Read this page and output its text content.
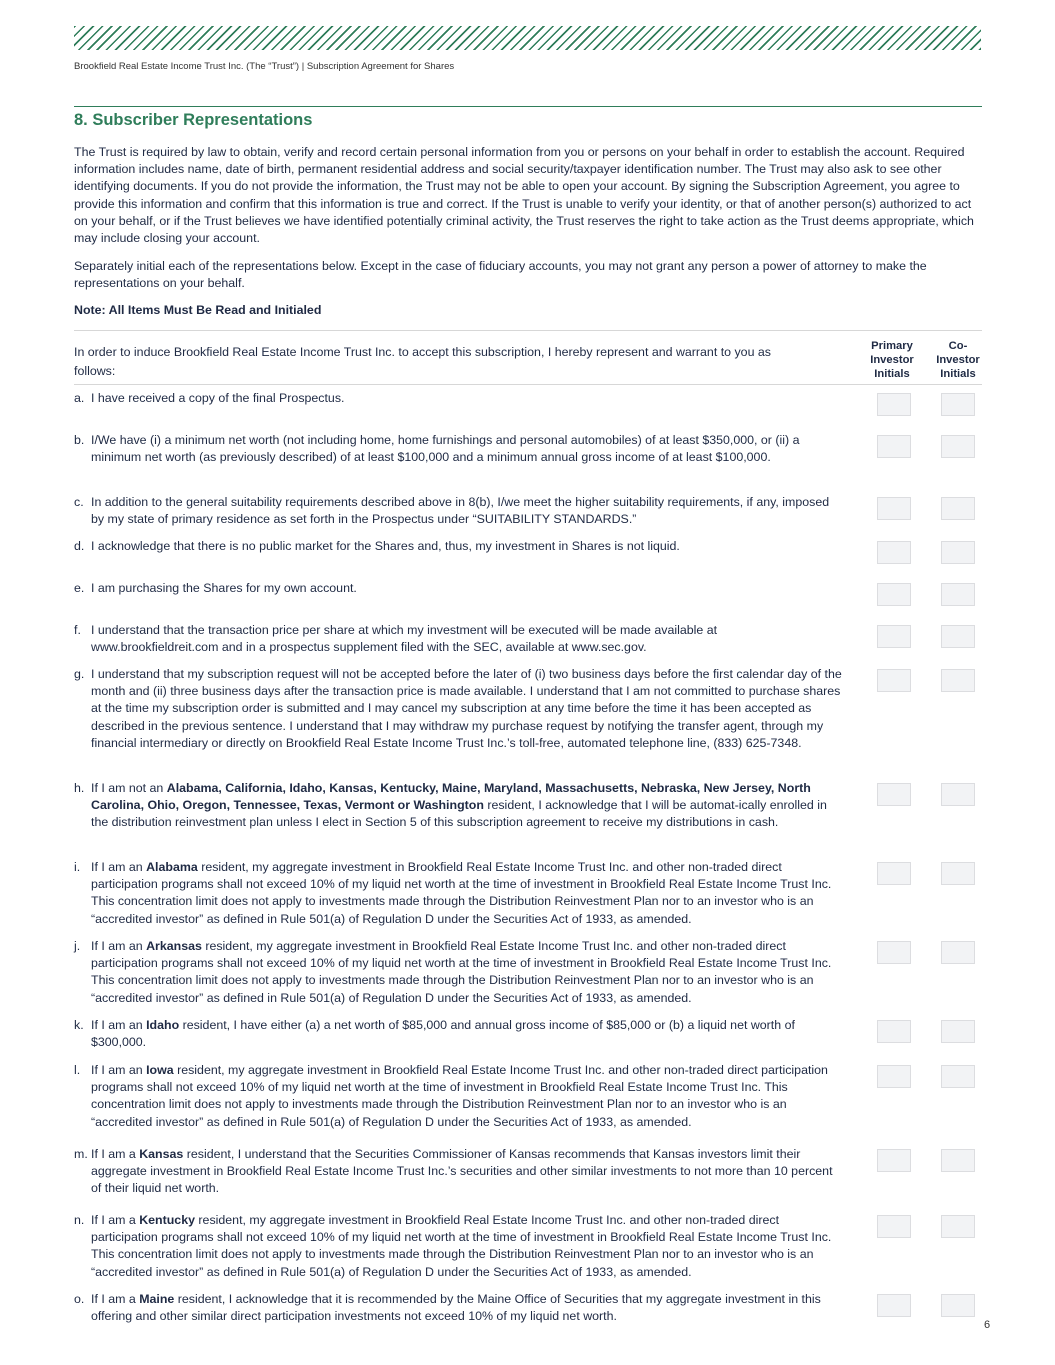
Brookfield Real Estate Income Trust Inc. (The “Trust”) | Subscription Agreement for Shares
8. Subscriber Representations

The Trust is required by law to obtain, verify and record certain personal information from you or persons on your behalf in order to establish the account. Required information includes name, date of birth, permanent residential address and social security/taxpayer identification number. The Trust may also ask to see other identifying documents. If you do not provide the information, the Trust may not be able to open your account. By signing the Subscription Agreement, you agree to provide this information and confirm that this information is true and correct. If the Trust is unable to verify your identity, or that of another person(s) authorized to act on your behalf, or if the Trust believes we have identified potentially criminal activity, the Trust reserves the right to take action as the Trust deems appropriate, which may include closing your account.

Separately initial each of the representations below. Except in the case of fiduciary accounts, you may not grant any person a power of attorney to make the representations on your behalf.

Note: All Items Must Be Read and Initialed
In order to induce Brookfield Real Estate Income Trust Inc. to accept this subscription, I hereby represent and warrant to you as follows:
Primary Investor Initials
Co-Investor Initials
a. I have received a copy of the final Prospectus.
b. I/We have (i) a minimum net worth (not including home, home furnishings and personal automobiles) of at least $350,000, or (ii) a minimum net worth (as previously described) of at least $100,000 and a minimum annual gross income of at least $100,000.
c. In addition to the general suitability requirements described above in 8(b), I/we meet the higher suitability requirements, if any, imposed by my state of primary residence as set forth in the Prospectus under “SUITABILITY STANDARDS.”
d. I acknowledge that there is no public market for the Shares and, thus, my investment in Shares is not liquid.
e. I am purchasing the Shares for my own account.
f. I understand that the transaction price per share at which my investment will be executed will be made available at www.brookfieldreit.com and in a prospectus supplement filed with the SEC, available at www.sec.gov.
g. I understand that my subscription request will not be accepted before the later of (i) two business days before the first calendar day of the month and (ii) three business days after the transaction price is made available. I understand that I am not committed to purchase shares at the time my subscription order is submitted and I may cancel my subscription at any time before the time it has been accepted as described in the previous sentence. I understand that I may withdraw my purchase request by notifying the transfer agent, through my financial intermediary or directly on Brookfield Real Estate Income Trust Inc.’s toll-free, automated telephone line, (833) 625-7348.
h. If I am not an Alabama, California, Idaho, Kansas, Kentucky, Maine, Maryland, Massachusetts, Nebraska, New Jersey, North Carolina, Ohio, Oregon, Tennessee, Texas, Vermont or Washington resident, I acknowledge that I will be automat-ically enrolled in the distribution reinvestment plan unless I elect in Section 5 of this subscription agreement to receive my distributions in cash.
i. If I am an Alabama resident, my aggregate investment in Brookfield Real Estate Income Trust Inc. and other non-traded direct participation programs shall not exceed 10% of my liquid net worth at the time of investment in Brookfield Real Estate Income Trust Inc. This concentration limit does not apply to investments made through the Distribution Reinvestment Plan nor to an investor who is an “accredited investor” as defined in Rule 501(a) of Regulation D under the Securities Act of 1933, as amended.
j. If I am an Arkansas resident, my aggregate investment in Brookfield Real Estate Income Trust Inc. and other non-traded direct participation programs shall not exceed 10% of my liquid net worth at the time of investment in Brookfield Real Estate Income Trust Inc. This concentration limit does not apply to investments made through the Distribution Reinvestment Plan nor to an investor who is an “accredited investor” as defined in Rule 501(a) of Regulation D under the Securities Act of 1933, as amended.
k. If I am an Idaho resident, I have either (a) a net worth of $85,000 and annual gross income of $85,000 or (b) a liquid net worth of $300,000.
l. If I am an Iowa resident, my aggregate investment in Brookfield Real Estate Income Trust Inc. and other non-traded direct participation programs shall not exceed 10% of my liquid net worth at the time of investment in Brookfield Real Estate Income Trust Inc. This concentration limit does not apply to investments made through the Distribution Reinvestment Plan nor to an investor who is an “accredited investor” as defined in Rule 501(a) of Regulation D under the Securities Act of 1933, as amended.
m. If I am a Kansas resident, I understand that the Securities Commissioner of Kansas recommends that Kansas investors limit their aggregate investment in Brookfield Real Estate Income Trust Inc.’s securities and other similar investments to not more than 10 percent of their liquid net worth.
n. If I am a Kentucky resident, my aggregate investment in Brookfield Real Estate Income Trust Inc. and other non-traded direct participation programs shall not exceed 10% of my liquid net worth at the time of investment in Brookfield Real Estate Income Trust Inc. This concentration limit does not apply to investments made through the Distribution Reinvestment Plan nor to an investor who is an “accredited investor” as defined in Rule 501(a) of Regulation D under the Securities Act of 1933, as amended.
o. If I am a Maine resident, I acknowledge that it is recommended by the Maine Office of Securities that my aggregate investment in this offering and other similar direct participation investments not exceed 10% of my liquid net worth.
6
